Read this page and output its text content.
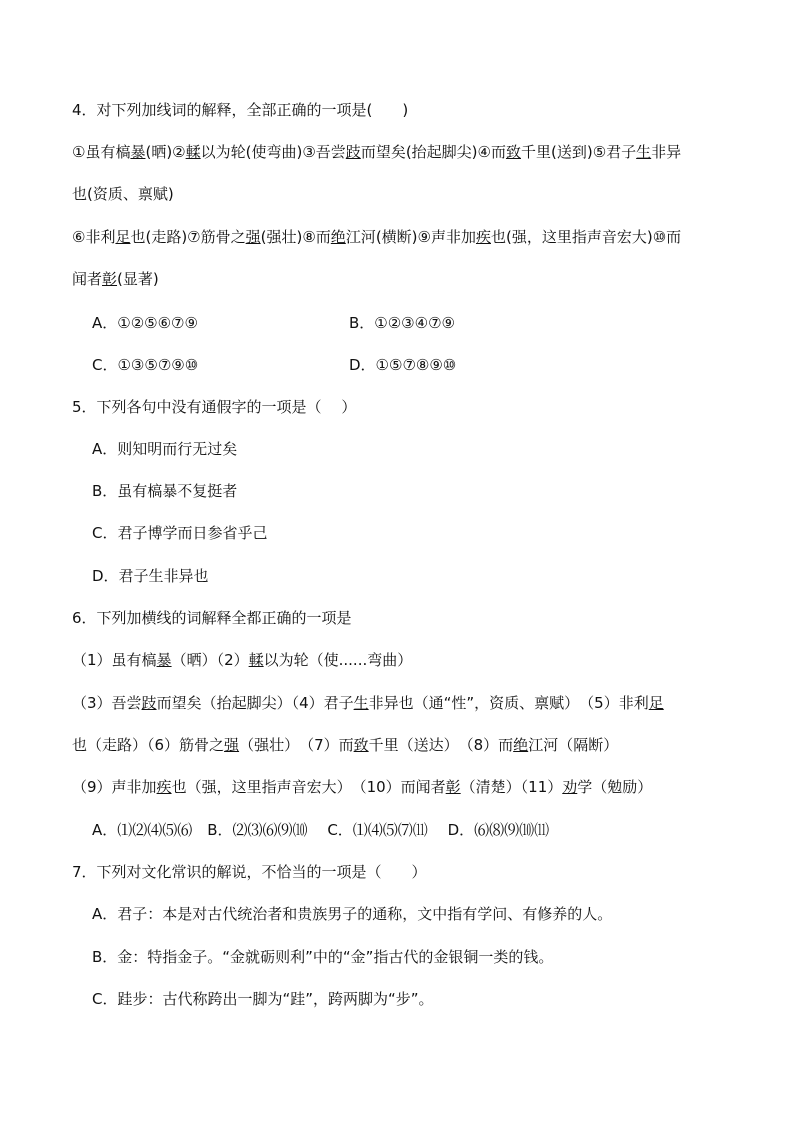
4．对下列加线词的解释，全部正确的一项是(　　)
①虽有槁暴(晒)②輮以为轮(使弯曲)③吾尝跂而望矣(抬起脚尖)④而致千里(送到)⑤君子生非异
也(资质、禀赋)
⑥非利足也(走路)⑦筋骨之强(强壮)⑧而绝江河(横断)⑨声非加疾也(强，这里指声音宏大)⑩而
闻者彰(显著)
A．①②⑤⑥⑦⑨	B．①②③④⑦⑨
C．①③⑤⑦⑨⑩	D．①⑤⑦⑧⑨⑩
5．下列各句中没有通假字的一项是（　 ）
A．则知明而行无过矣
B．虽有槁暴不复挺者
C．君子博学而日参省乎己
D．君子生非异也
6．下列加横线的词解释全都正确的一项是
（1）虽有槁暴（晒）（2）輮以为轮（使......弯曲）
（3）吾尝跂而望矣（抬起脚尖）（4）君子生非异也（通“性”，资质、禀赋）　（5）非利足
也（走路）（6）筋骨之强（强壮）　（7）而致千里（送达）　（8）而绝江河（隔断）
（9）声非加疾也（强，这里指声音宏大）　（10）而闻者彰（清楚）（11）劝学（勉励）
A．⑴⑵⑷⑸⑹　B．⑵⑶⑹⑼⑽　 C．⑴⑷⑸⑺⑾　 D．⑹⑻⑼⑽⑾
7．下列对文化常识的解说，不恰当的一项是（　　）
A．君子：本是对古代统治者和贵族男子的通称，文中指有学问、有修养的人。
B．金：特指金子。“金就砺则利”中的“金”指古代的金银铜一类的钱。
C．跬步：古代称跨出一脚为“跬”，跨两脚为“步”。
